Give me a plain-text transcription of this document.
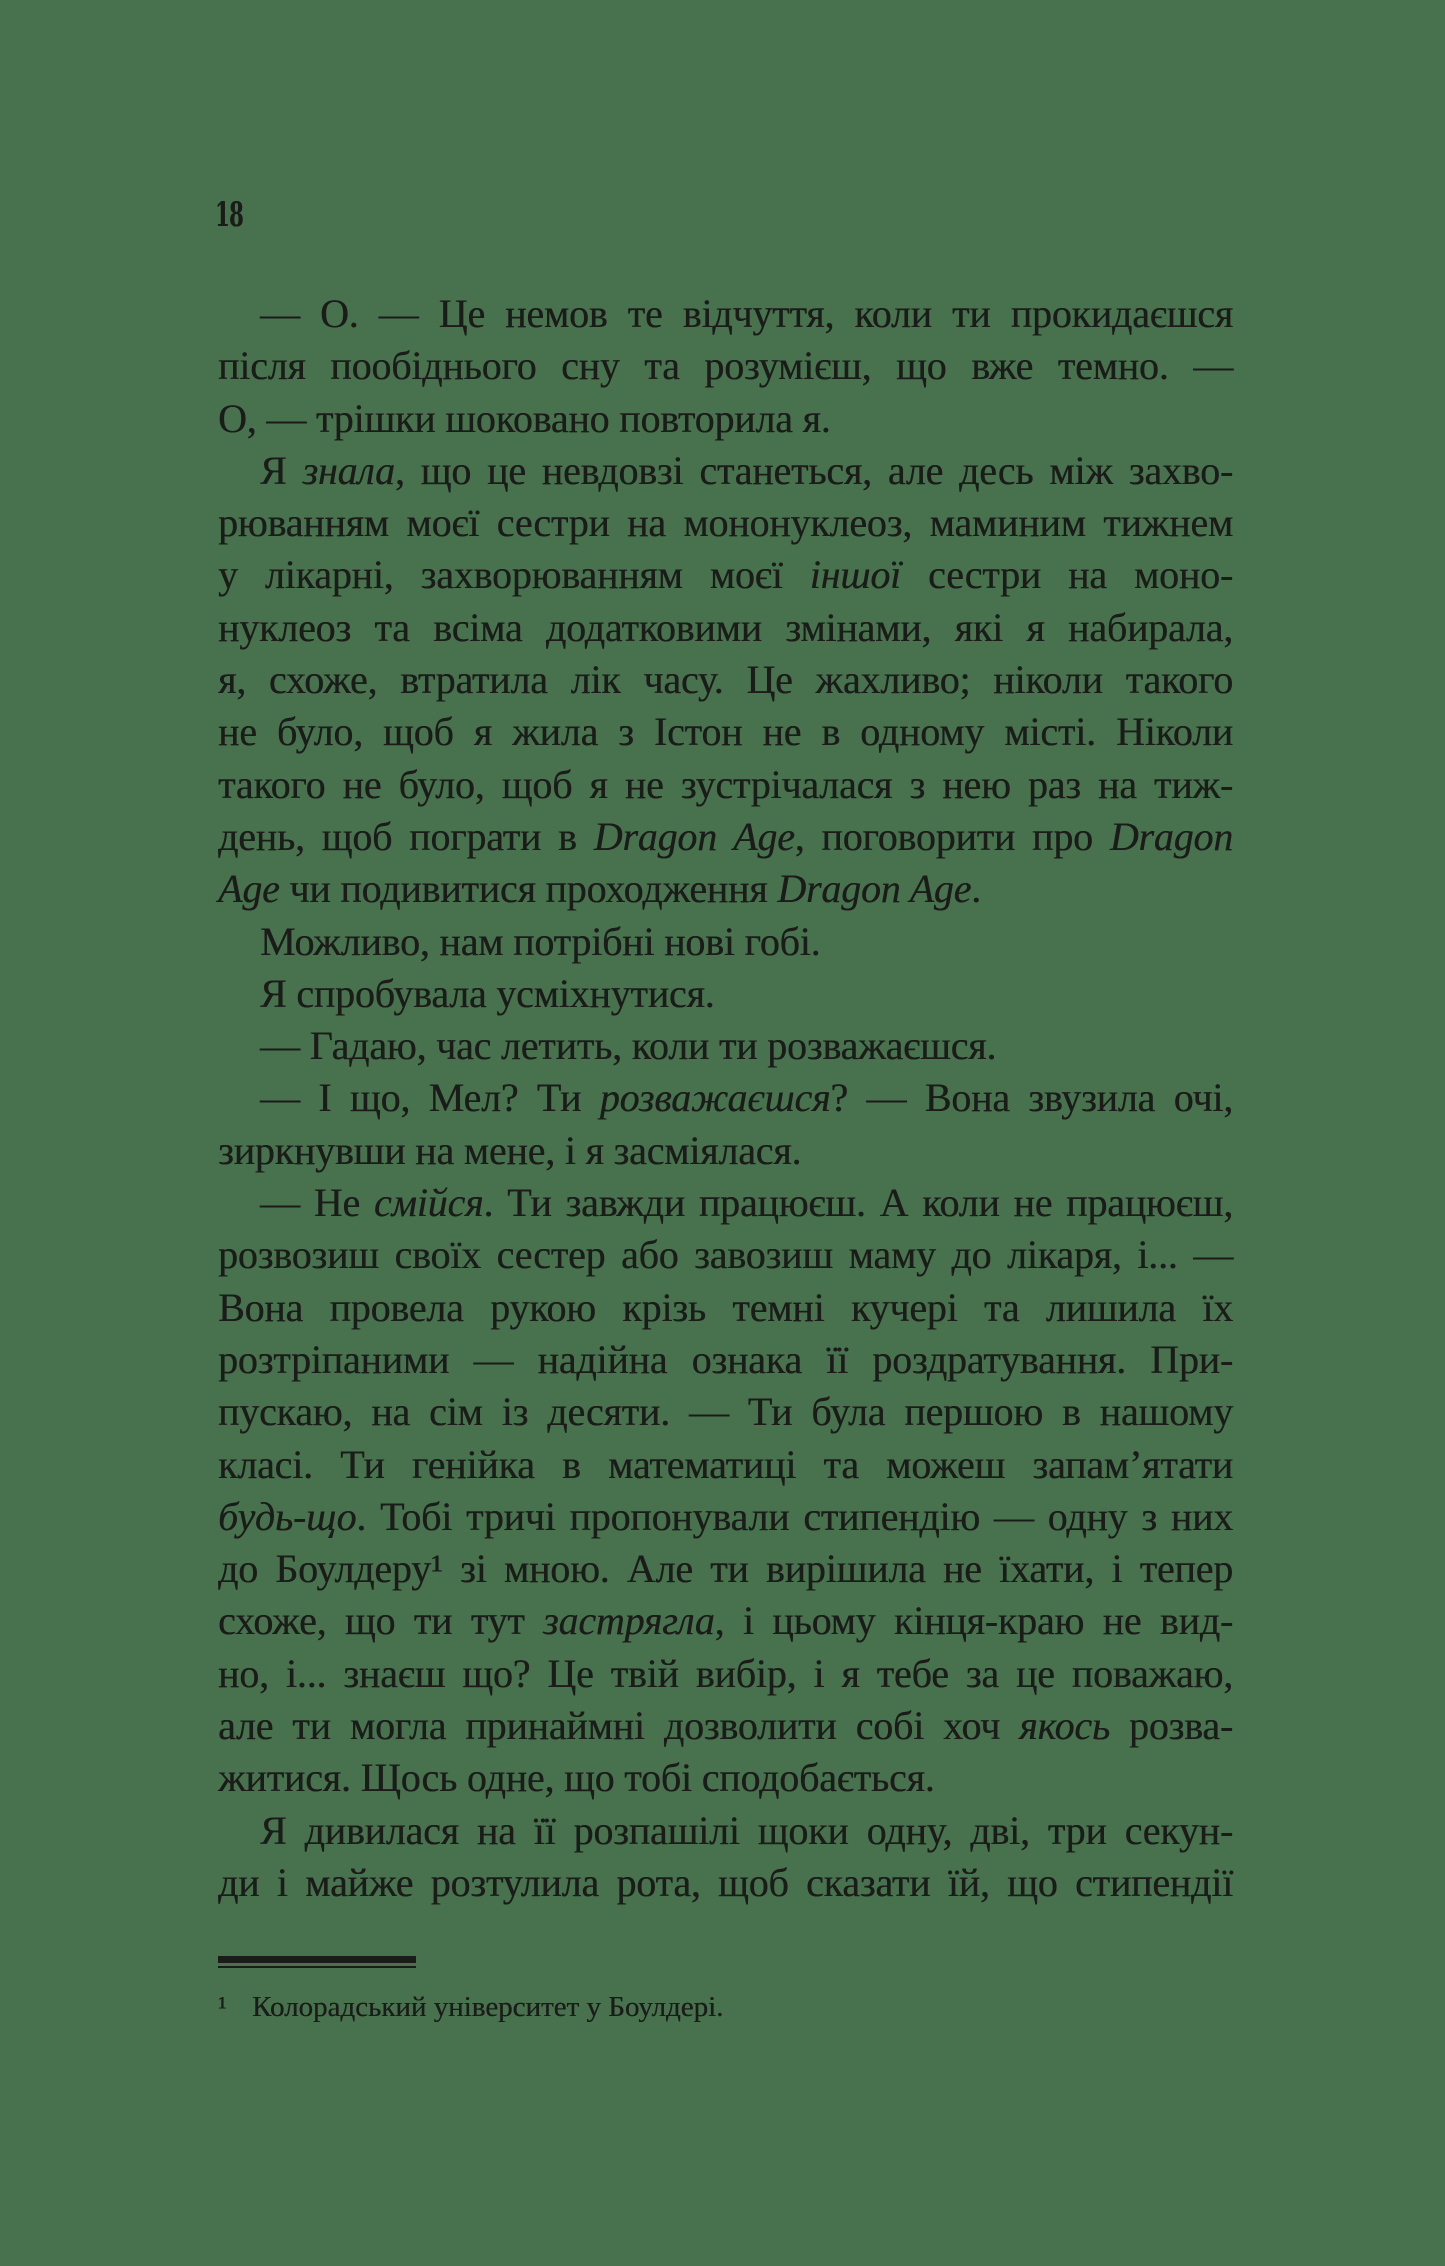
18
— О. — Це немов те відчуття, коли ти прокидаєшся
після пообіднього сну та розумієш, що вже темно. —
О, — трішки шоковано повторила я.
Я знала, що це невдовзі станеться, але десь між захво-
рюванням моєї сестри на мононуклеоз, маминим тижнем
у лікарні, захворюванням моєї іншої сестри на моно-
нуклеоз та всіма додатковими змінами, які я набирала,
я, схоже, втратила лік часу. Це жахливо; ніколи такого
не було, щоб я жила з Істон не в одному місті. Ніколи
такого не було, щоб я не зустрічалася з нею раз на тиж-
день, щоб пограти в Dragon Age, поговорити про Dragon
Age чи подивитися проходження Dragon Age.
Можливо, нам потрібні нові гобі.
Я спробувала усміхнутися.
— Гадаю, час летить, коли ти розважаєшся.
— І що, Мел? Ти розважаєшся? — Вона звузила очі,
зиркнувши на мене, і я засміялася.
— Не смійся. Ти завжди працюєш. А коли не працюєш,
розвозиш своїх сестер або завозиш маму до лікаря, і... —
Вона провела рукою крізь темні кучері та лишила їх
розтріпаними — надійна ознака її роздратування. При-
пускаю, на сім із десяти. — Ти була першою в нашому
класі. Ти генійка в математиці та можеш запам’ятати
будь-що. Тобі тричі пропонували стипендію — одну з них
до Боулдеру¹ зі мною. Але ти вирішила не їхати, і тепер
схоже, що ти тут застрягла, і цьому кінця-краю не вид-
но, і... знаєш що? Це твій вибір, і я тебе за це поважаю,
але ти могла принаймні дозволити собі хоч якось розва-
житися. Щось одне, що тобі сподобається.
Я дивилася на її розпашілі щоки одну, дві, три секун-
ди і майже розтулила рота, щоб сказати їй, що стипендії
¹ Колорадський університет у Боулдері.
